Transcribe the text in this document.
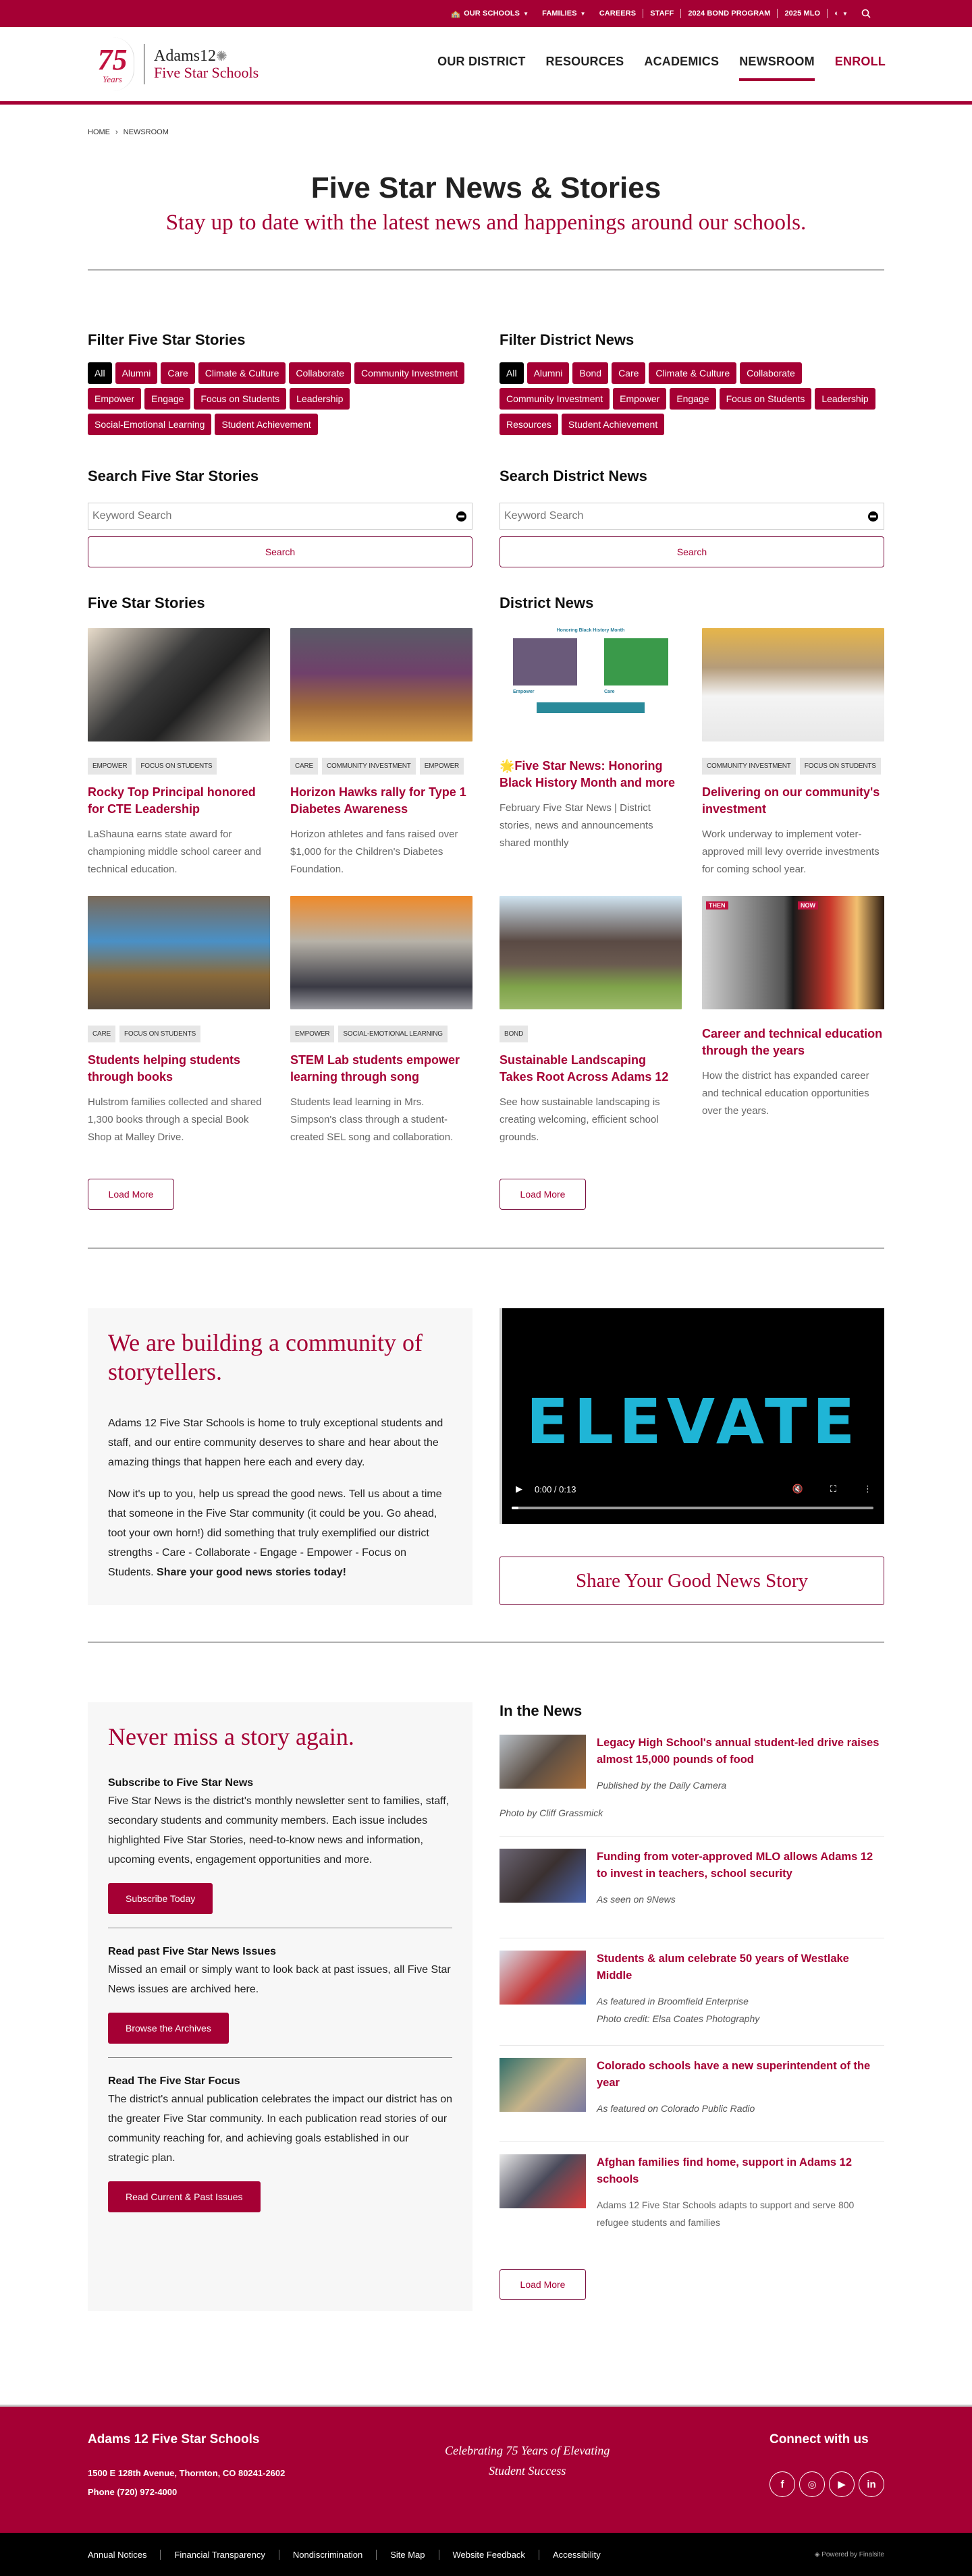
🏫 OUR SCHOOLS ▼ FAMILIES ▼ CAREERS STAFF 2024 BOND PROGRAM 2025 MLO ◐ ▼
75
Years
Adams12✺
Five Star Schools
OUR DISTRICT RESOURCES ACADEMICS NEWSROOM ENROLL
HOME › NEWSROOM
Five Star News & Stories

Stay up to date with the latest news and happenings around our schools.

Filter Five Star Stories
All	Alumni	Care	Climate & Culture	Collaborate	Community Investment
Empower	Engage	Focus on Students	Leadership
Social-Emotional Learning	Student Achievement
Search Five Star Stories
Keyword Search
Search
Filter District News
All	Alumni	Bond	Care	Climate & Culture	Collaborate
Community Investment	Empower	Engage	Focus on Students	Leadership
Resources	Student Achievement
Search District News
Keyword Search
Search
Five Star Stories
EMPOWER	FOCUS ON STUDENTS
Rocky Top Principal honored for CTE Leadership

LaShauna earns state award for championing middle school career and technical education.

CARE	COMMUNITY INVESTMENT	EMPOWER
Horizon Hawks rally for Type 1 Diabetes Awareness

Horizon athletes and fans raised over $1,000 for the Children's Diabetes Foundation.

CARE	FOCUS ON STUDENTS
Students helping students through books

Hulstrom families collected and shared 1,300 books through a special Book Shop at Malley Drive.

EMPOWER	SOCIAL-EMOTIONAL LEARNING
STEM Lab students empower learning through song

Students lead learning in Mrs. Simpson's class through a student-created SEL song and collaboration.

Load More
District News
Honoring Black History Month
Empower	Care
🌟Five Star News: Honoring Black History Month and more

February Five Star News | District stories, news and announcements shared monthly

COMMUNITY INVESTMENT	FOCUS ON STUDENTS
Delivering on our community's investment

Work underway to implement voter-approved mill levy override investments for coming school year.

BOND
Sustainable Landscaping Takes Root Across Adams 12

See how sustainable landscaping is creating welcoming, efficient school grounds.

THEN	NOW
Career and technical education through the years

How the district has expanded career and technical education opportunities over the years.

Load More
We are building a community of storytellers.

Adams 12 Five Star Schools is home to truly exceptional students and staff, and our entire community deserves to share and hear about the amazing things that happen here each and every day.

Now it's up to you, help us spread the good news. Tell us about a time that someone in the Five Star community (it could be you. Go ahead, toot your own horn!) did something that truly exemplified our district strengths - Care - Collaborate - Engage - Empower - Focus on Students. Share your good news stories today!

ELEVATE
▶ 0:00 / 0:13	🔇	⛶	⋮
Share Your Good News Story
Never miss a story again.
Subscribe to Five Star News

Five Star News is the district's monthly newsletter sent to families, staff, secondary students and community members. Each issue includes highlighted Five Star Stories, need-to-know news and information, upcoming events, engagement opportunities and more.

Subscribe Today
Read past Five Star News Issues

Missed an email or simply want to look back at past issues, all Five Star News issues are archived here.

Browse the Archives
Read The Five Star Focus

The district's annual publication celebrates the impact our district has on the greater Five Star community. In each publication read stories of our community reaching for, and achieving goals established in our strategic plan.

Read Current & Past Issues
In the News
Legacy High School's annual student-led drive raises almost 15,000 pounds of food
Published by the Daily Camera
Photo by Cliff Grassmick
Funding from voter-approved MLO allows Adams 12 to invest in teachers, school security
As seen on 9News
Students & alum celebrate 50 years of Westlake Middle
As featured in Broomfield Enterprise
Photo credit: Elsa Coates Photography
Colorado schools have a new superintendent of the year
As featured on Colorado Public Radio
Afghan families find home, support in Adams 12 schools
Adams 12 Five Star Schools adapts to support and serve 800 refugee students and families
Load More
Adams 12 Five Star Schools
1500 E 128th Avenue, Thornton, CO 80241-2602
Phone (720) 972-4000
Celebrating 75 Years of Elevating
Student Success
Connect with us
f	◎	▶	in
Annual Notices	Financial Transparency	Nondiscrimination	Site Map	Website Feedback	Accessibility	◈ Powered by Finalsite
